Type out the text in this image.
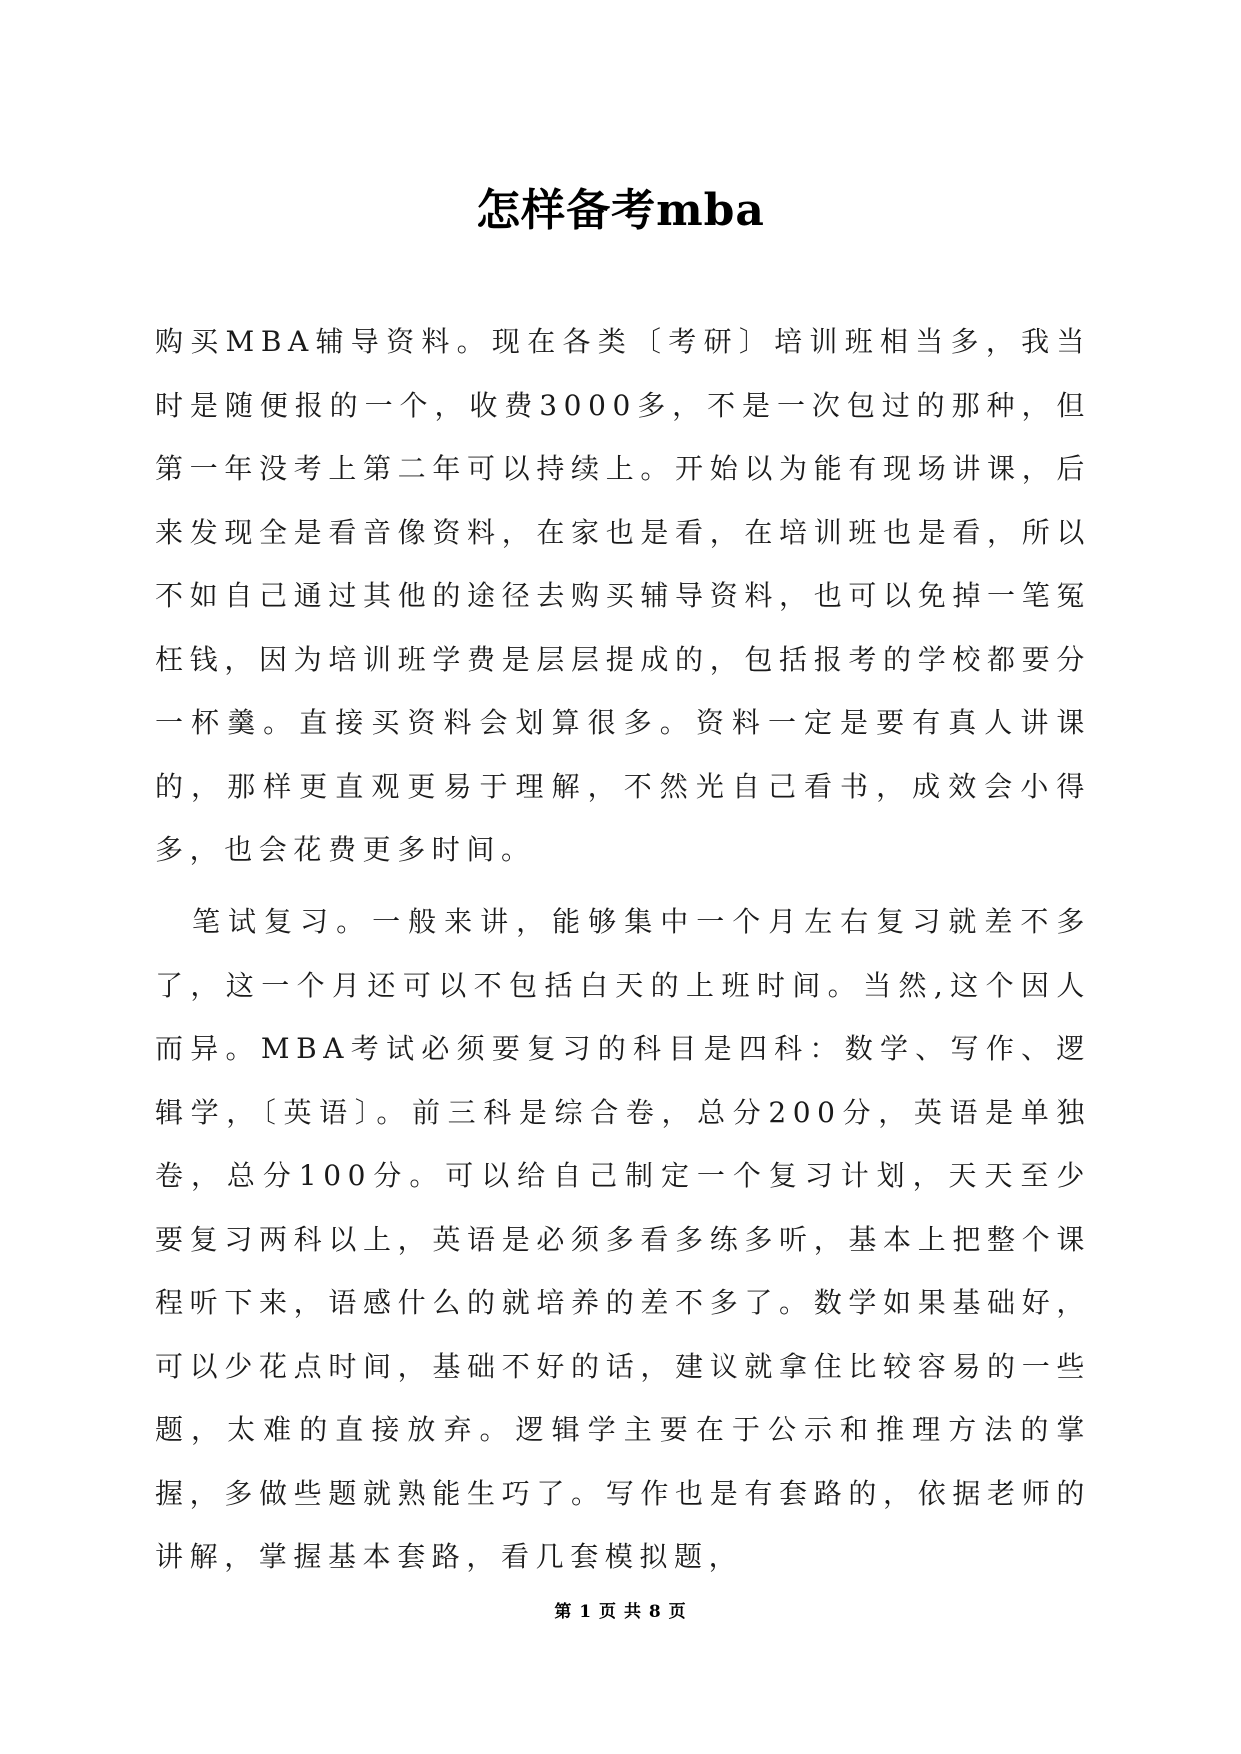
怎样备考mba

购买MBA辅导资料。现在各类〔考研〕培训班相当多，我当时是随便报的一个，收费3000多，不是一次包过的那种，但第一年没考上第二年可以持续上。开始以为能有现场讲课，后来发现全是看音像资料，在家也是看，在培训班也是看，所以不如自己通过其他的途径去购买辅导资料，也可以免掉一笔冤枉钱，因为培训班学费是层层提成的，包括报考的学校都要分一杯羹。直接买资料会划算很多。资料一定是要有真人讲课的，那样更直观更易于理解，不然光自己看书，成效会小得多，也会花费更多时间。

笔试复习。一般来讲，能够集中一个月左右复习就差不多了，这一个月还可以不包括白天的上班时间。当然,这个因人而异。MBA考试必须要复习的科目是四科：数学、写作、逻辑学，〔英语〕。前三科是综合卷，总分200分，英语是单独卷，总分100分。可以给自己制定一个复习计划，天天至少要复习两科以上，英语是必须多看多练多听，基本上把整个课程听下来，语感什么的就培养的差不多了。数学如果基础好，可以少花点时间，基础不好的话，建议就拿住比较容易的一些题，太难的直接放弃。逻辑学主要在于公示和推理方法的掌握，多做些题就熟能生巧了。写作也是有套路的，依据老师的讲解，掌握基本套路，看几套模拟题，

第 1 页 共 8 页
